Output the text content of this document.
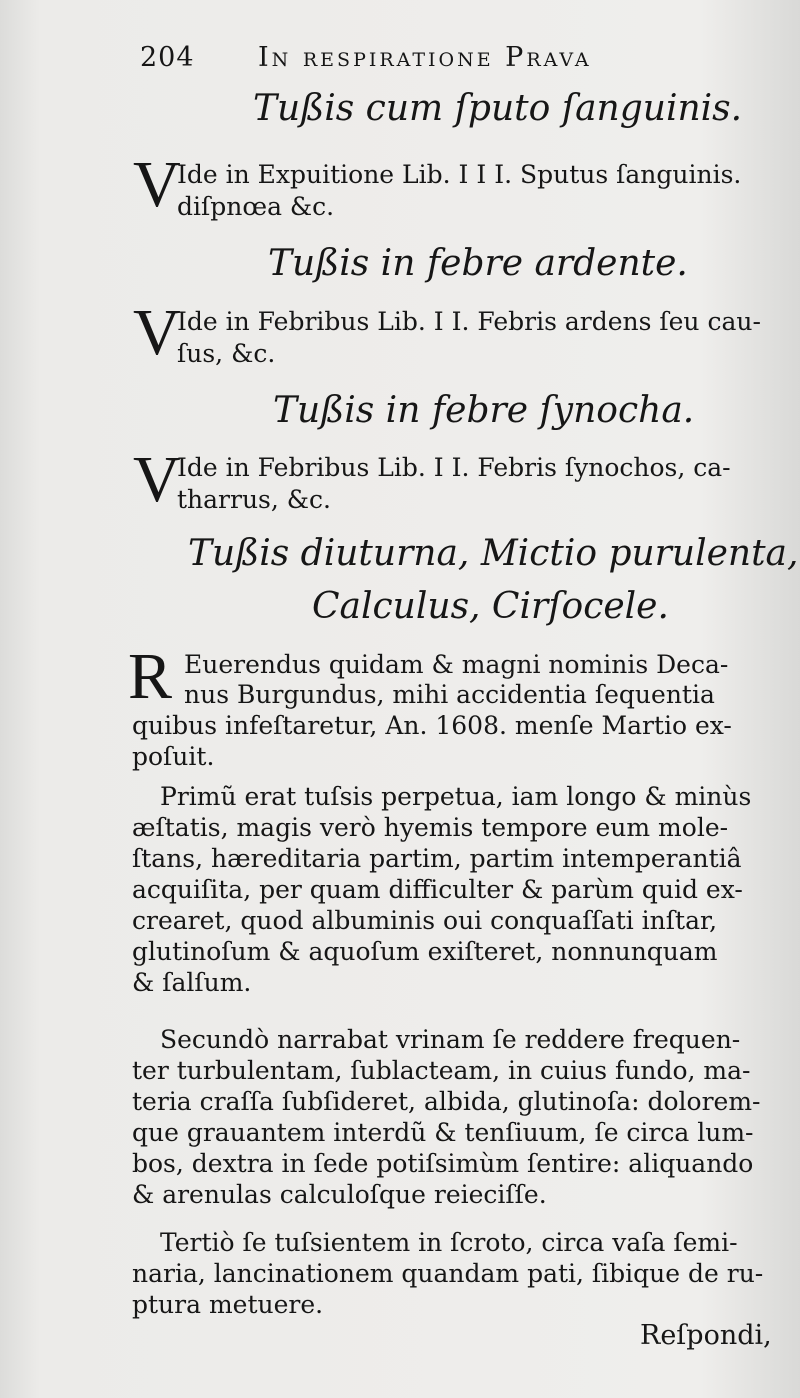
204 In respiratione Prava
Tußis cum ſputo ſanguinis.
V
Ide in Expuitione Lib. I I I. Sputus ſanguinis.
diſpnœa &c.
Tußis in febre ardente.
V
Ide in Febribus Lib. I I. Febris ardens ſeu cau-
ſus, &c.
Tußis in febre ſynocha.
V
Ide in Febribus Lib. I I. Febris ſynochos, ca-
tharrus, &c.
Tußis diuturna, Mictio purulenta,
Calculus, Cirſocele.
R Euerendus quidam & magni nominis Deca-
nus Burgundus, mihi accidentia ſequentia
quibus infeſtaretur, An. 1608. menſe Martio ex-
poſuit.
Primũ erat tuſsis perpetua, iam longo & minùs
æſtatis, magis verò hyemis tempore eum mole-
ſtans, hæreditaria partim, partim intemperantiâ
acquiſita, per quam difficulter & parùm quid ex-
crearet, quod albuminis oui conquaſſati inſtar,
glutinoſum & aquoſum exiſteret, nonnunquam
& ſalſum.
Secundò narrabat vrinam ſe reddere frequen-
ter turbulentam, ſublacteam, in cuius fundo, ma-
teria craſſa ſubſideret, albida, glutinoſa: dolorem-
que grauantem interdũ & tenſiuum, ſe circa lum-
bos, dextra in ſede potiſsimùm ſentire: aliquando
& arenulas calculoſque reieciſſe.
Tertiò ſe tuſsientem in ſcroto, circa vaſa ſemi-
naria, lancinationem quandam pati, ſibique de ru-
ptura metuere.
Reſpondi,
